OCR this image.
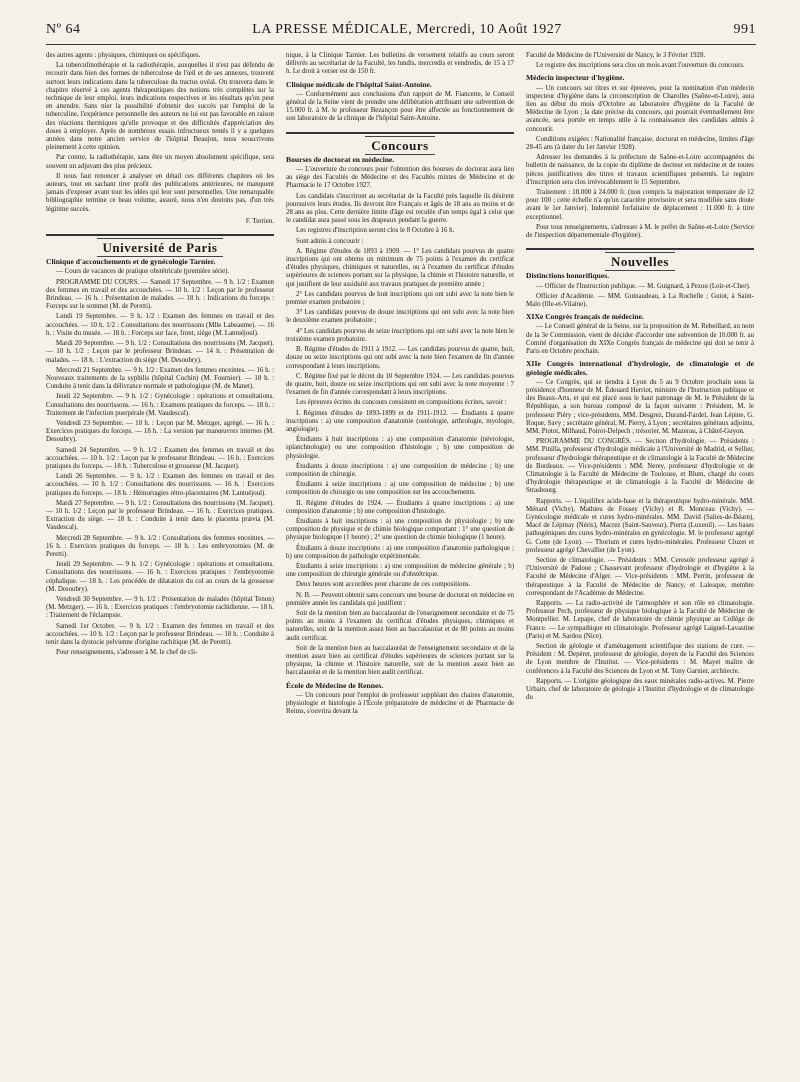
Nº 64	LA PRESSE MÉDICALE, Mercredi, 10 Août 1927	991

des autres agents : physiques, chimiques ou spécifiques.

La tuberculinothérapie et la radiothérapie, auxquelles il n'est pas défendu de recourir dans bien des formes de tuberculose de l'œil et de ses annexes, trouvent surtout leurs indications dans la tuberculose du tractus uvéal. On trouvera dans le chapitre réservé à ces agents thérapeutiques des notions très complètes sur la technique de leur emploi, leurs indications respectives et les résultats qu'on peut en attendre. Sans nier la possibilité d'obtenir des succès par l'emploi de la tuberculine, l'expérience personnelle des auteurs ne lui est pas favorable en raison des réactions thermiques qu'elle provoque et des difficultés d'appréciation des doses à employer. Après de nombreux essais infructueux tentés il y a quelques années dans notre ancien service de l'hôpital Beaujon, nous souscrivons pleinement à cette opinion.

Par contre, la radiothérapie, sans être un moyen absolument spécifique, sera souvent un adjuvant des plus précieux.

Il nous faut renoncer à analyser en détail ces différents chapitres où les auteurs, tout en sachant tirer profit des publications antérieures, ne manquent jamais d'exposer avant tout les idées qui leur sont personnelles. Une remarquable bibliographie termine ce beau volume, assuré, nous n'en doutons pas, d'un très légitime succès.

F. Terrien.

Université de Paris

Clinique d'accouchements et de gynécologie Tarnier.

— Cours de vacances de pratique obstétricale (première série).

PROGRAMME DU COURS. — Samedi 17 Septembre. — 9 h. 1/2 : Examen des femmes en travail et des accouchées. — 10 h. 1/2 : Leçon par le professeur Brindeau. — 16 h. : Présentation de malades. — 18 h. : Indications du forceps : Forceps sur le sommet (M. de Peretti).

Lundi 19 Septembre. — 9 h. 1/2 : Examen des femmes en travail et des accouchées. — 10 h. 1/2 : Consultations des nourrissons (Mlle Labeaume). — 16 h. : Visite du musée. — 18 h. : Forceps sur face, front, siège (M. Lantuéjoul).

Mardi 20 Septembre. — 9 h. 1/2 : Consultations des nourrissons (M. Jacquet). — 10 h. 1/2 : Leçon par le professeur Brindeau. — 14 h. : Présentation de malades. — 18 h. : L'extraction du siège (M. Desoubry).

Mercredi 21 Septembre. — 9 h. 1/2 : Examen des femmes enceintes. — 16 h. : Nouveaux traitements de la syphilis (hôpital Cochin) (M. Fournier). — 18 h. : Conduite à tenir dans la délivrance normale et pathologique (M. de Manet).

Jeudi 22 Septembre. — 9 h. 1/2 : Gynécologie : opérations et consultations. Consultations des nourrissons. — 16 h. : Examens pratiques du forceps. — 18 h. : Traitement de l'infection puerpérale (M. Vaudescal).

Vendredi 23 Septembre. — 10 h. : Leçon par M. Metzger, agrégé. — 16 h. : Exercices pratiques du forceps. — 18 h. : La version par manœuvres internes (M. Desoubry).

Samedi 24 Septembre. — 9 h. 1/2 : Examen des femmes en travail et des accouchées. — 10 h. 1/2 : Leçon par le professeur Brindeau. — 16 h. : Exercices pratiques du forceps. — 18 h. : Tuberculose et grossesse (M. Jacquet).

Lundi 26 Septembre. — 9 h. 1/2 : Examen des femmes en travail et des accouchées. — 10 h. 1/2 : Consultations des nourrissons. — 16 h. : Exercices pratiques du forceps. — 18 h. : Hémorragies rétro-placentaires (M. Lantuéjoul).

Mardi 27 Septembre. — 9 h. 1/2 : Consultations des nourrissons (M. Jacquet). — 10 h. 1/2 : Leçon par le professeur Brindeau. — 16 h. : Exercices pratiques. Extraction du siège. — 18 h. : Conduite à tenir dans le placenta prævia (M. Vaudescal).

Mercredi 28 Septembre. — 9 h. 1/2 : Consultations des femmes enceintes. — 16 h. : Exercices pratiques du forceps. — 18 h. : Les embryotomies (M. de Peretti).

Jeudi 29 Septembre. — 9 h. 1/2 : Gynécologie : opérations et consultations. Consultations des nourrissons. — 16 h. : Exercices pratiques : l'embryotomie céphalique. — 18 h. : Les procédés de dilatation du col au cours de la grossesse (M. Desoubry).

Vendredi 30 Septembre. — 9 h. 1/2 : Présentation de malades (hôpital Tenon) (M. Metzger). — 16 h. : Exercices pratiques : l'embryotomie rachidienne. — 18 h. : Traitement de l'éclampsie.

Samedi 1er Octobre. — 9 h. 1/2 : Examen des femmes en travail et des accouchées. — 10 h. 1/2 : Leçon par le professeur Brindeau. — 18 h. : Conduite à tenir dans la dystocie pelvienne d'origine rachitique (M. de Peretti).

Pour renseignements, s'adresser à M. le chef de cli-

nique, à la Clinique Tarnier. Les bulletins de versement relatifs au cours seront délivrés au secrétariat de la Faculté, les lundis, mercredis et vendredis, de 15 à 17 h. Le droit à verser est de 150 fr.

Clinique médicale de l'hôpital Saint-Antoine.

— Conformément aux conclusions d'un rapport de M. Fiancette, le Conseil général de la Seine vient de prendre une délibération attribuant une subvention de 15.000 fr. à M. le professeur Bezançon pour être affectée au fonctionnement de son laboratoire de la clinique de l'hôpital Saint-Antoine.

Concours

Bourses de doctorat en médecine.

— L'ouverture du concours pour l'obtention des bourses de doctorat aura lieu au siège des Facultés de Médecine et des Facultés mixtes de Médecine et de Pharmacie le 17 Octobre 1927.

Les candidats s'inscriront au secrétariat de la Faculté près laquelle ils désirent poursuivre leurs études. Ils devront être Français et âgés de 18 ans au moins et de 28 ans au plus. Cette dernière limite d'âge est reculée d'un temps égal à celui que le candidat aura passé sous les drapeaux pendant la guerre.

Les registres d'inscription seront clos le 8 Octobre à 16 h.

Sont admis à concourir :

A. Régime d'études de 1893 à 1909. — 1° Les candidats pourvus de quatre inscriptions qui ont obtenu un minimum de 75 points à l'examen du certificat d'études physiques, chimiques et naturelles, ou à l'examen du certificat d'études supérieures de sciences portant sur la physique, la chimie et l'histoire naturelle, et qui justifient de leur assiduité aux travaux pratiques de première année ;

2° Les candidats pourvus de huit inscriptions qui ont subi avec la note bien le premier examen probatoire ;

3° Les candidats pourvus de douze inscriptions qui ont subi avec la note bien le deuxième examen probatoire ;

4° Les candidats pourvus de seize inscriptions qui ont subi avec la note bien le troisième examen probatoire.

B. Régime d'études de 1911 à 1912. — Les candidats pourvus de quatre, huit, douze ou seize inscriptions qui ont subi avec la note bien l'examen de fin d'année correspondant à leurs inscriptions.

C. Régime fixé par le décret du 10 Septembre 1924. — Les candidats pourvus de quatre, huit, douze ou seize inscriptions qui ont subi avec la note moyenne : 7 l'examen de fin d'année correspondant à leurs inscriptions.

Les épreuves écrites du concours consistent en compositions écrites, savoir :

I. Régimes d'études de 1893-1899 et de 1911-1912. — Étudiants à quatre inscriptions : a) une composition d'anatomie (ostéologie, arthrologie, myologie, angiologie).

Étudiants à huit inscriptions : a) une composition d'anatomie (névrologie, splanchnologie) ou une composition d'histologie ; b) une composition de physiologie.

Étudiants à douze inscriptions : a) une composition de médecine ; b) une composition de chirurgie.

Étudiants à seize inscriptions : a) une composition de médecine ; b) une composition de chirurgie ou une composition sur les accouchements.

II. Régime d'études de 1924. — Étudiants à quatre inscriptions : a) une composition d'anatomie ; b) une composition d'histologie.

Étudiants à huit inscriptions : a) une composition de physiologie ; b) une composition de physique et de chimie biologique comportant : 1° une question de physique biologique (1 heure) ; 2° une question de chimie biologique (1 heure).

Étudiants à douze inscriptions : a) une composition d'anatomie pathologique ; b) une composition de pathologie expérimentale.

Étudiants à seize inscriptions : a) une composition de médecine générale ; b) une composition de chirurgie générale ou d'obstétrique.

Deux heures sont accordées pour chacune de ces compositions.

N. B. — Peuvent obtenir sans concours une bourse de doctorat en médecine en première année les candidats qui justifient :

Soit de la mention bien au baccalauréat de l'enseignement secondaire et de 75 points au moins à l'examen du certificat d'études physiques, chimiques et naturelles, soit de la mention assez bien au baccalauréat et de 80 points au moins audit certificat.

Soit de la mention bien au baccalauréat de l'enseignement secondaire et de la mention assez bien au certificat d'études supérieures de sciences portant sur la physique, la chimie et l'histoire naturelle, soit de la mention assez bien au baccalauréat et de la mention bien audit certificat.

École de Médecine de Rennes.

— Un concours pour l'emploi de professeur suppléant des chaires d'anatomie, physiologie et histologie à l'École préparatoire de médecine et de Pharmacie de Reims, s'ouvrira devant la

Faculté de Médecine de l'Université de Nancy, le 3 Février 1928.

Le registre des inscriptions sera clos un mois avant l'ouverture du concours.

Médecin inspecteur d'hygiène.

— Un concours sur titres et sur épreuves, pour la nomination d'un médecin inspecteur d'hygiène dans la circonscription de Charolles (Saône-et-Loire), aura lieu au début du mois d'Octobre au laboratoire d'hygiène de la Faculté de Médecine de Lyon ; la date précise du concours, qui pourrait éventuellement être avancée, sera portée en temps utile à la connaissance des candidats admis à concourir.

Conditions exigées : Nationalité française, doctorat en médecine, limites d'âge 28-45 ans (à dater du 1er Janvier 1928).

Adresser les demandes à la préfecture de Saône-et-Loire accompagnées du bulletin de naissance, de la copie du diplôme de docteur en médecine et de toutes pièces justificatives des titres et travaux scientifiques présentés. Le registre d'inscription sera clos irrévocablement le 15 Septembre.

Traitement : 18.000 à 24.000 fr. (non compris la majoration temporaire de 12 pour 100 ; cette échelle n'a qu'un caractère provisoire et sera modifiée sans doute avant le 1er Janvier). Indemnité forfaitaire de déplacement : 11.000 fr. à titre exceptionnel.

Pour tous renseignements, s'adresser à M. le préfet de Saône-et-Loire (Service de l'inspection départementale d'hygiène).

Nouvelles

Distinctions honorifiques.

— Officier de l'Instruction publique. — M. Guignard, à Pezou (Loir-et-Cher).

Officier d'Académie. — MM. Guinaudeau, à La Rochelle ; Guiot, à Saint-Malo (Ille-et-Vilaine).

XIXe Congrès français de médecine.

— Le Conseil général de la Seine, sur la proposition de M. Rebeillard, au nom de la 3e Commission, vient de décider d'accorder une subvention de 10.000 fr. au Comité d'organisation du XIXe Congrès français de médecine qui doit se tenir à Paris en Octobre prochain.

XIIe Congrès international d'hydrologie, de climatologie et de géologie médicales.

— Ce Congrès, qui se tiendra à Lyon du 5 au 9 Octobre prochain sous la présidence d'honneur de M. Édouard Herriot, ministre de l'Instruction publique et des Beaux-Arts, et qui est placé sous le haut patronage de M. le Président de la République, a son bureau composé de la façon suivante : Président, M. le professeur Piéry ; vice-présidents, MM. Desgrez, Durand-Fardel, Jean Lépine, G. Roque, Savy ; secrétaire général, M. Pierry, à Lyon ; secrétaires généraux adjoints, MM. Piotot, Milhaud, Poirot-Delpech ; trésorier, M. Mazerau, à Châtel-Guyon.

PROGRAMME DU CONGRÈS. — Section d'hydrologie. — Présidents : MM. Pinilla, professeur d'hydrologie médicale à l'Université de Madrid, et Sellier, professeur d'hydrologie thérapeutique et de climatologie à la Faculté de Médecine de Bordeaux. — Vice-présidents : MM. Nerey, professeur d'hydrologie et de Climatologie à la Faculté de Médecine de Toulouse, et Blum, chargé du cours d'hydrologie thérapeutique et de climatologie à la Faculté de Médecine de Strasbourg.

Rapports. — L'équilibre acide-base et la thérapeutique hydro-minérale. MM. Ménard (Vichy), Mathieu de Fossey (Vichy) et R. Monceau (Vichy). — Gynécologie médicale et cures hydro-minérales. MM. David (Salies-de-Béarn), Macé de Lépinay (Néris), Macrez (Saint-Sauveur), Pierra (Luxeuil). — Les bases pathogéniques des cures hydro-minérales en gynécologie. M. le professeur agrégé G. Cotte (de Lyon). — Thorium et cures hydro-minérales. Professeur Cluzet et professeur agrégé Chevallier (de Lyon).

Section de climatologie. — Présidents : MM. Ceresole professeur agrégé à l'Université de Padoue ; Chassevant professeur d'hydrologie et d'hygiène à la Faculté de Médecine d'Alger. — Vice-présidents : MM. Perrin, professeur de thérapeutique à la Faculté de Médecine de Nancy, et Lalesque, membre correspondant de l'Académie de Médecine.

Rapports. — La radio-activité de l'atmosphère et son rôle en climatologie. Professeur Pech, professeur de physique biologique à la Faculté de Médecine de Montpellier. M. Lepape, chef de laboratoire de chimie physique au Collège de France. — Le sympathique en climatologie. Professeur agrégé Laignel-Lavastine (Paris) et M. Sardou (Nice).

Section de géologie et d'aménagement scientifique des stations de cure. — Président : M. Depéret, professeur de géologie, doyen de la Faculté des Sciences de Lyon membre de l'Institut. — Vice-présidents : M. Mayet maître de conférences à la Faculté des Sciences de Lyon et M. Tony Garnier, architecte.

Rapports. — L'origine géologique des eaux minérales radio-actives. M. Pierre Urbain, chef de laboratoire de géologie à l'Institut d'hydrologie et de climatologie du
